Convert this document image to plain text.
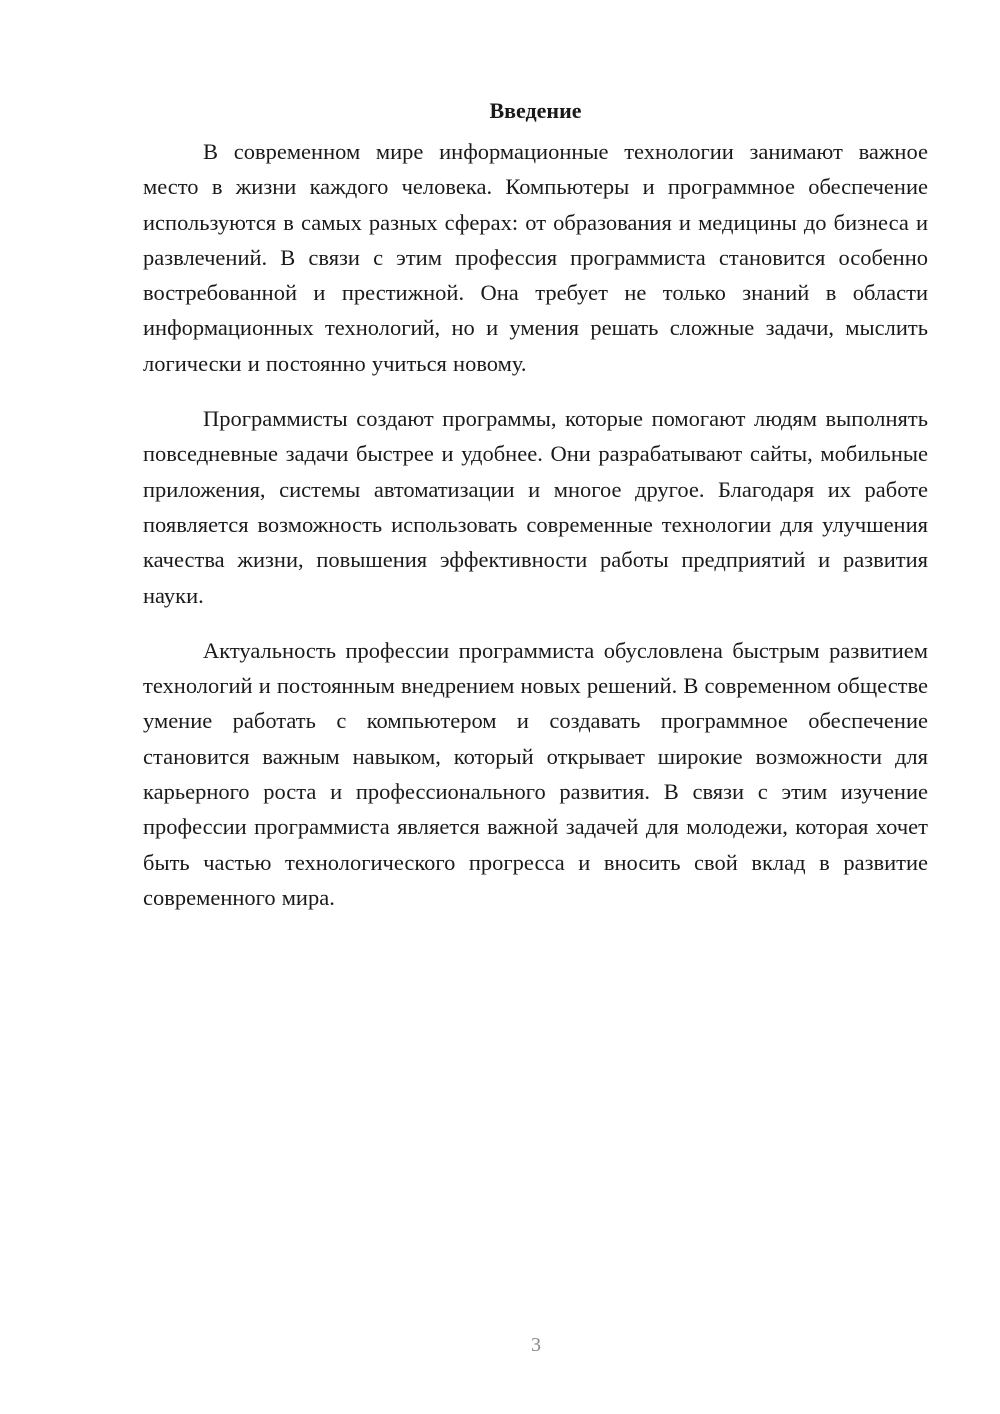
Введение

В современном мире информационные технологии занимают важное место в жизни каждого человека. Компьютеры и программное обеспечение используются в самых разных сферах: от образования и медицины до бизнеса и развлечений. В связи с этим профессия программиста становится особенно востребованной и престижной. Она требует не только знаний в области информационных технологий, но и умения решать сложные задачи, мыслить логически и постоянно учиться новому.

Программисты создают программы, которые помогают людям выполнять повседневные задачи быстрее и удобнее. Они разрабатывают сайты, мобильные приложения, системы автоматизации и многое другое. Благодаря их работе появляется возможность использовать современные технологии для улучшения качества жизни, повышения эффективности работы предприятий и развития науки.

Актуальность профессии программиста обусловлена быстрым развитием технологий и постоянным внедрением новых решений. В современном обществе умение работать с компьютером и создавать программное обеспечение становится важным навыком, который открывает широкие возможности для карьерного роста и профессионального развития. В связи с этим изучение профессии программиста является важной задачей для молодежи, которая хочет быть частью технологического прогресса и вносить свой вклад в развитие современного мира.

3
